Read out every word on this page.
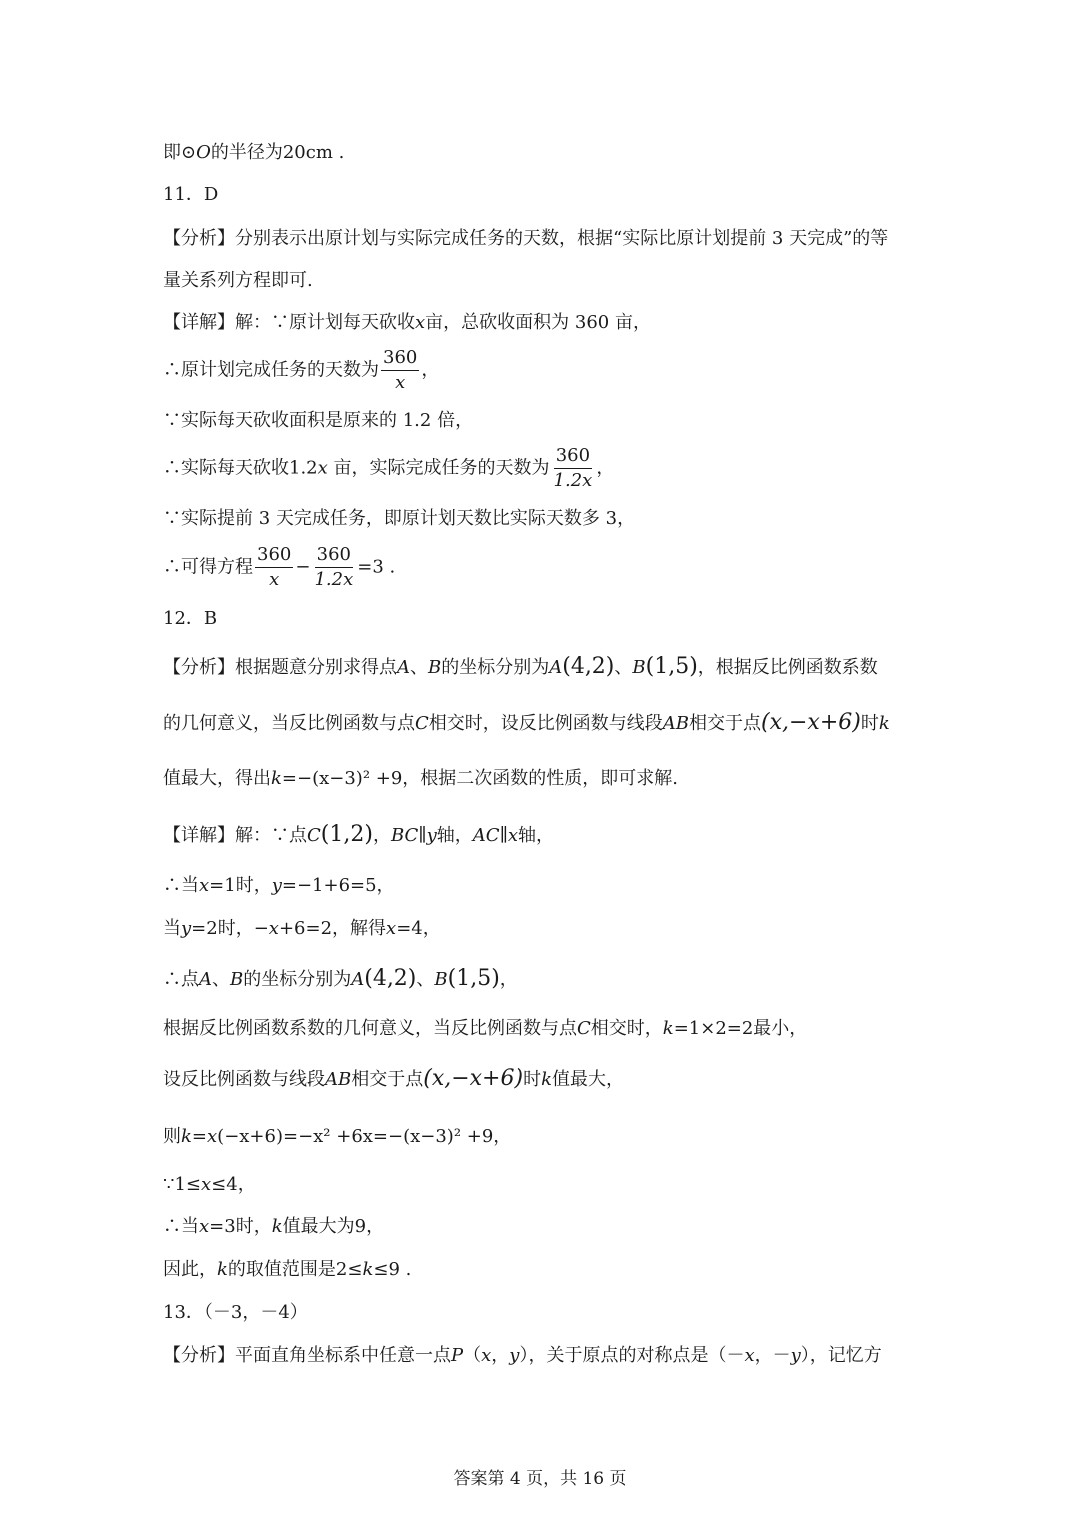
即⊙O的半径为20cm .
11．D
【分析】分别表示出原计划与实际完成任务的天数，根据“实际比原计划提前 3 天完成”的等
量关系列方程即可.
【详解】解：∵原计划每天砍收x亩，总砍收面积为 360 亩，
∴原计划完成任务的天数为 $\frac{360}{x}$ ，
∵实际每天砍收面积是原来的 1.2 倍，
∴实际每天砍收1.2x 亩，实际完成任务的天数为 $\frac{360}{1.2x}$ ，
∵实际提前 3 天完成任务，即原计划天数比实际天数多 3，
∴可得方程 $\frac{360}{x} - \frac{360}{1.2x} =3$ .
12．B
【分析】根据题意分别求得点A、B的坐标分别为A(4,2)、B(1,5)，根据反比例函数系数
的几何意义，当反比例函数与点C相交时，设反比例函数与线段AB相交于点(x,−x+6)时k
值最大，得出k=−(x−3)² +9，根据二次函数的性质，即可求解.
【详解】解：∵点C(1,2)，BC∥y轴，AC∥x轴，
∴当x=1时，y=−1+6=5，
当y=2时，−x+6=2，解得x=4，
∴点A、B的坐标分别为A(4,2)、B(1,5)，
根据反比例函数系数的几何意义，当反比例函数与点C相交时，k=1×2=2最小，
设反比例函数与线段AB相交于点(x,−x+6)时k值最大，
则k=x(−x+6)=−x² +6x=−(x−3)² +9，
∵1≤x≤4，
∴当x=3时，k值最大为9，
因此，k的取值范围是2≤k≤9 .
13．（－3，－4）
【分析】平面直角坐标系中任意一点P（x，y），关于原点的对称点是（－x，－y），记忆方
答案第 4 页，共 16 页
